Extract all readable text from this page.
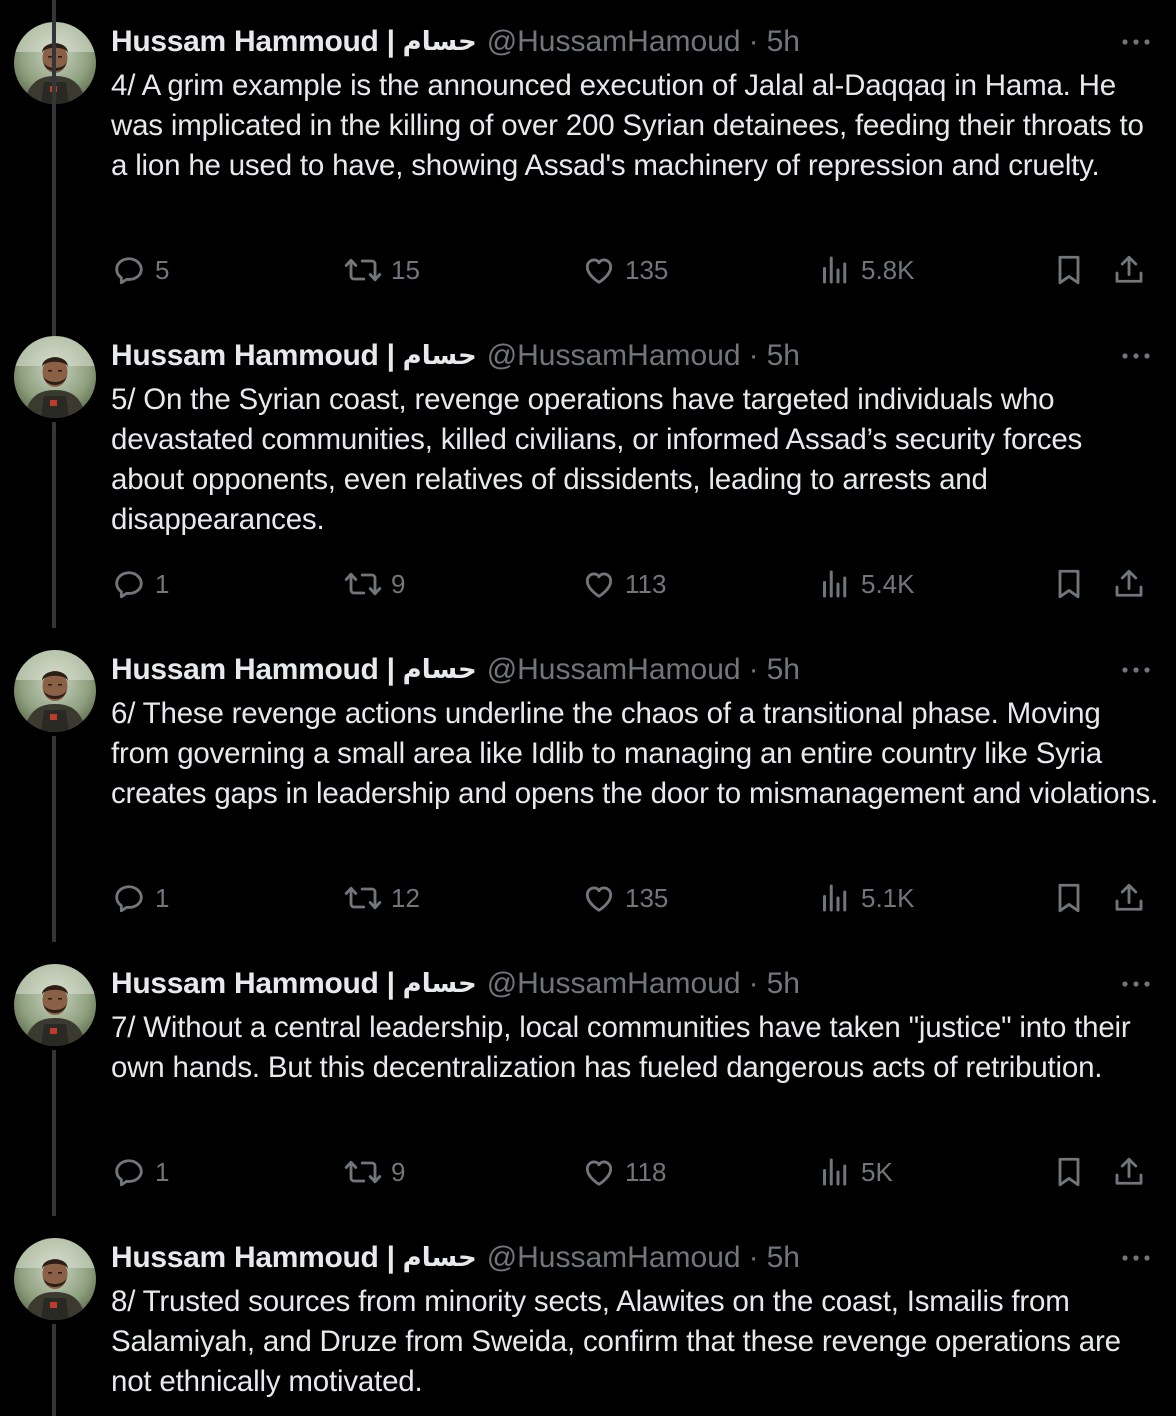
Hussam Hammoud | حسام @HussamHamoud · 5h
4/ A grim example is the announced execution of Jalal al-Daqqaq in Hama. He was implicated in the killing of over 200 Syrian detainees, feeding their throats to a lion he used to have, showing Assad's machinery of repression and cruelty.
5	15	135	5.8K
Hussam Hammoud | حسام @HussamHamoud · 5h
5/ On the Syrian coast, revenge operations have targeted individuals who devastated communities, killed civilians, or informed Assad’s security forces about opponents, even relatives of dissidents, leading to arrests and disappearances.
1	9	113	5.4K
Hussam Hammoud | حسام @HussamHamoud · 5h
6/ These revenge actions underline the chaos of a transitional phase. Moving from governing a small area like Idlib to managing an entire country like Syria creates gaps in leadership and opens the door to mismanagement and violations.
1	12	135	5.1K
Hussam Hammoud | حسام @HussamHamoud · 5h
7/ Without a central leadership, local communities have taken "justice" into their own hands. But this decentralization has fueled dangerous acts of retribution.
1	9	118	5K
Hussam Hammoud | حسام @HussamHamoud · 5h
8/ Trusted sources from minority sects, Alawites on the coast, Ismailis from Salamiyah, and Druze from Sweida, confirm that these revenge operations are not ethnically motivated.
